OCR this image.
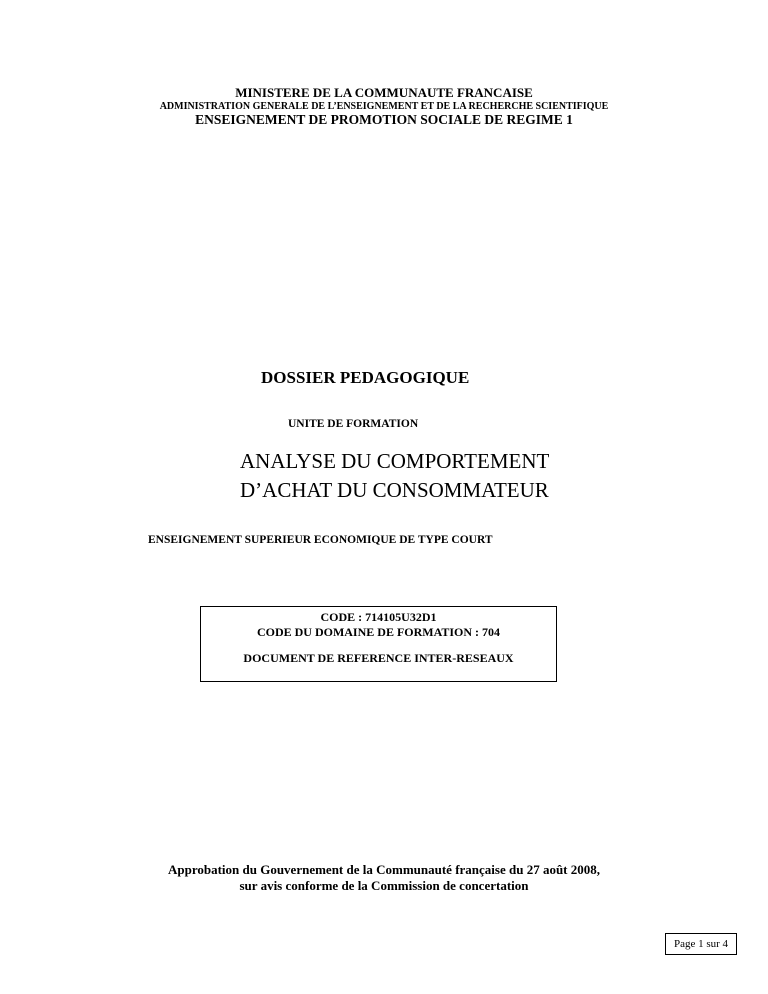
MINISTERE DE LA COMMUNAUTE FRANCAISE
ADMINISTRATION GENERALE DE L’ENSEIGNEMENT ET DE LA RECHERCHE SCIENTIFIQUE
ENSEIGNEMENT DE PROMOTION SOCIALE DE REGIME 1
DOSSIER PEDAGOGIQUE
UNITE DE FORMATION
ANALYSE DU COMPORTEMENT
D’ACHAT DU CONSOMMATEUR
ENSEIGNEMENT SUPERIEUR ECONOMIQUE DE TYPE COURT
CODE : 714105U32D1
CODE DU DOMAINE DE FORMATION : 704
DOCUMENT DE REFERENCE INTER-RESEAUX
Approbation du Gouvernement de la Communauté française du 27 août 2008,
sur avis conforme de la Commission de concertation
Page 1 sur 4
